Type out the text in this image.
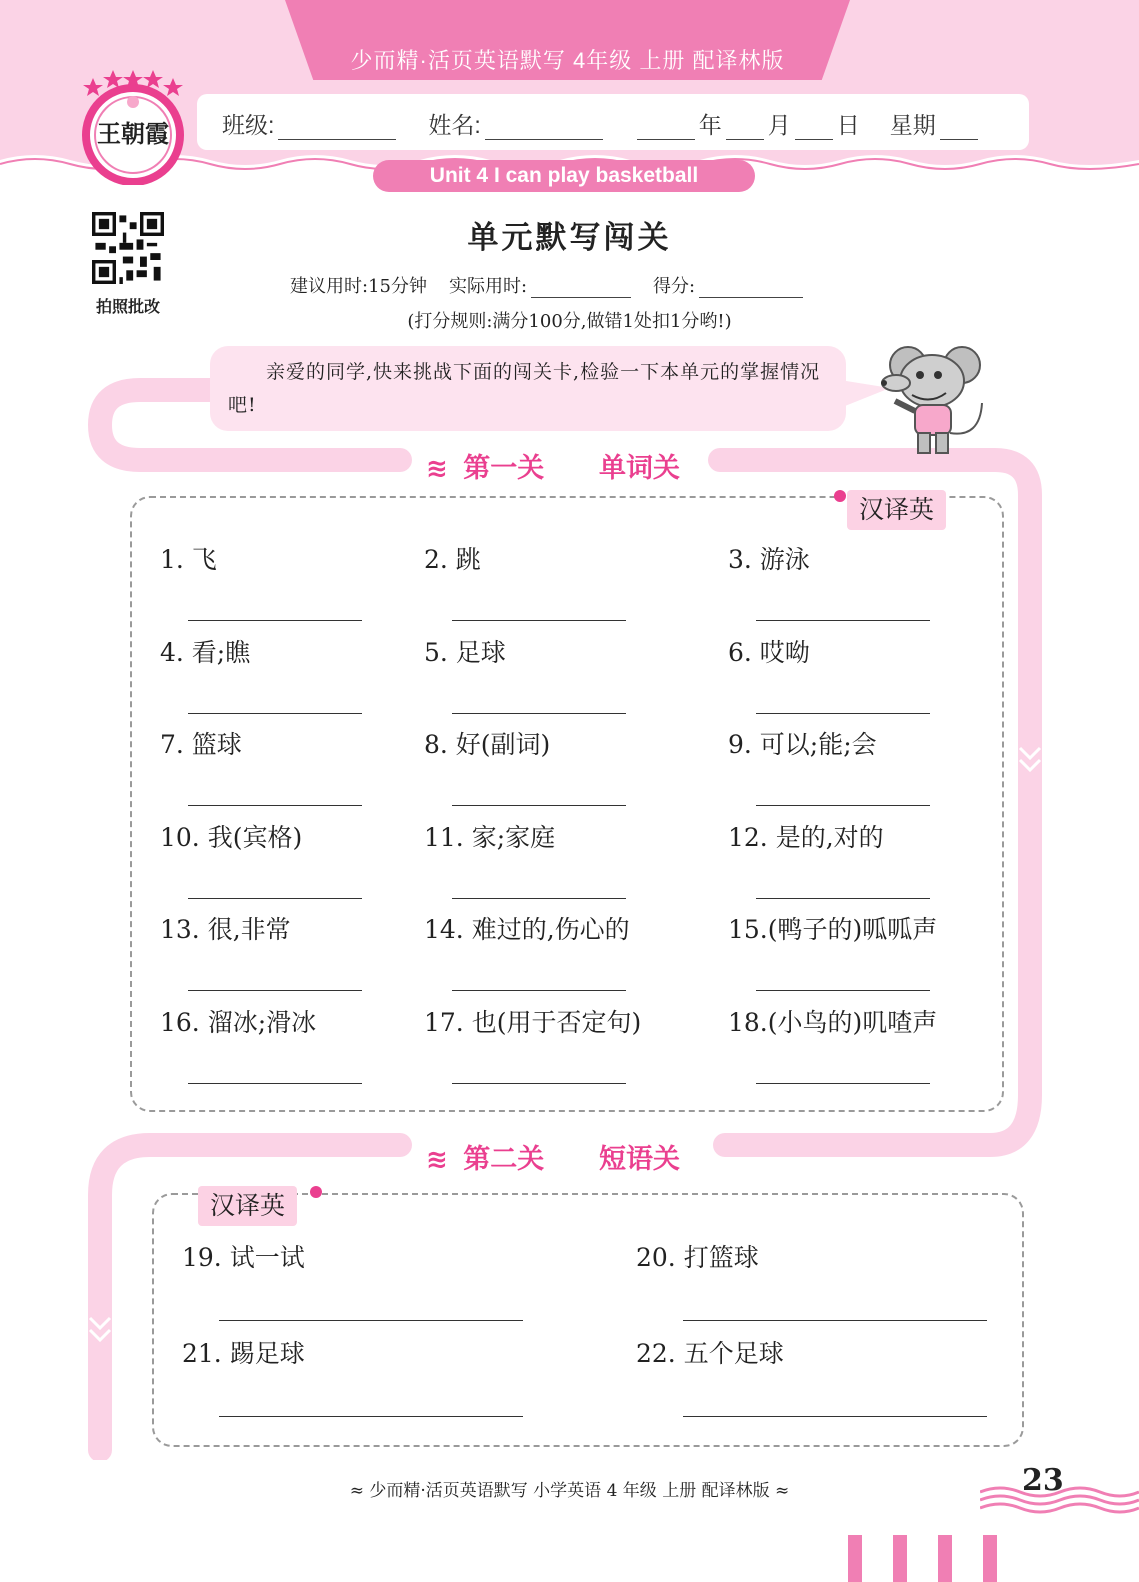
少而精·活页英语默写 4年级 上册 配译林版
王朝霞 班级:	姓名:	年 月 日 星期
Unit 4 I can play basketball
拍照批改
单元默写闯关
建议用时:15分钟 实际用时:	得分:
(打分规则:满分100分,做错1处扣1分哟!)
亲爱的同学,快来挑战下面的闯关卡,检验一下本单元的掌握情况吧!
≋ 第一关 单词关
汉译英
1. 飞	2. 跳	3. 游泳
4. 看;瞧	5. 足球	6. 哎呦
7. 篮球	8. 好(副词)	9. 可以;能;会
10. 我(宾格)	11. 家;家庭	12. 是的,对的
13. 很,非常	14. 难过的,伤心的	15.(鸭子的)呱呱声
16. 溜冰;滑冰	17. 也(用于否定句)	18.(小鸟的)叽喳声
≋ 第二关 短语关
汉译英
19. 试一试	20. 打篮球
21. 踢足球	22. 五个足球
≈ 少而精·活页英语默写 小学英语 4 年级 上册 配译林版 ≈	23
